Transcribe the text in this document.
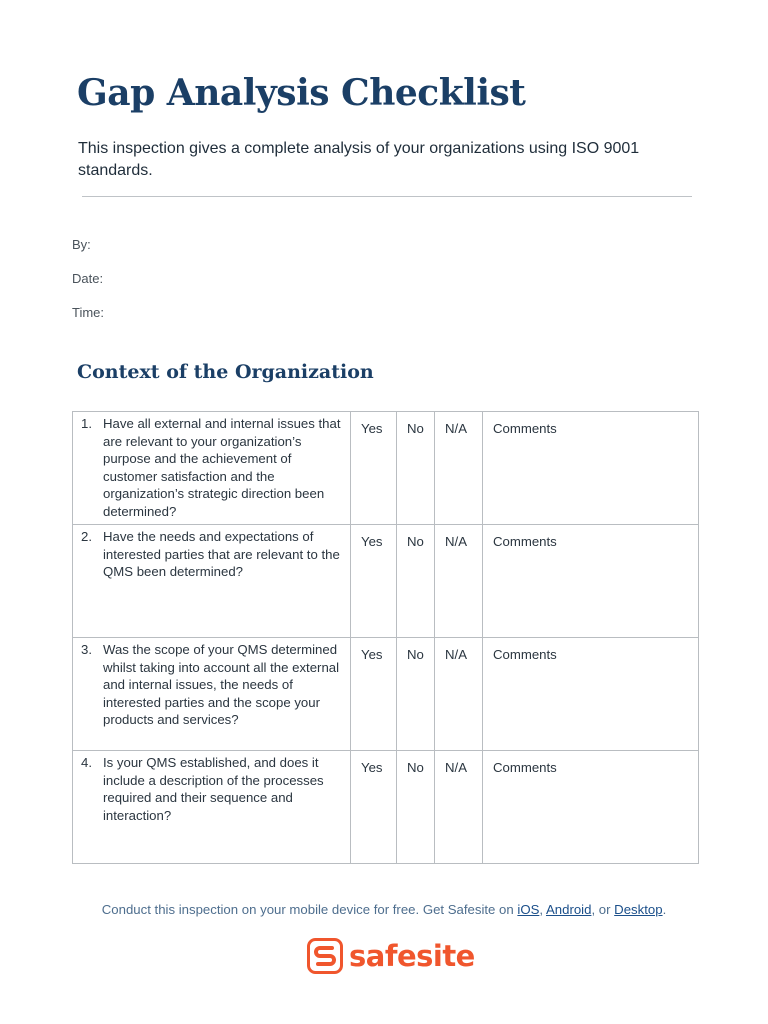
Gap Analysis Checklist

This inspection gives a complete analysis of your organizations using ISO 9001 standards.

By:
Date:
Time:
Context of the Organization
1. Have all external and internal issues that are relevant to your organization’s purpose and the achievement of customer satisfaction and the organization’s strategic direction been determined?	Yes	No	N/A	Comments

2. Have the needs and expectations of interested parties that are relevant to the QMS been determined?	Yes	No	N/A	Comments

3. Was the scope of your QMS determined whilst taking into account all the external and internal issues, the needs of interested parties and the scope your products and services?	Yes	No	N/A	Comments

4. Is your QMS established, and does it include a description of the processes required and their sequence and interaction?	Yes	No	N/A	Comments
Conduct this inspection on your mobile device for free. Get Safesite on iOS, Android, or Desktop.
safesite
